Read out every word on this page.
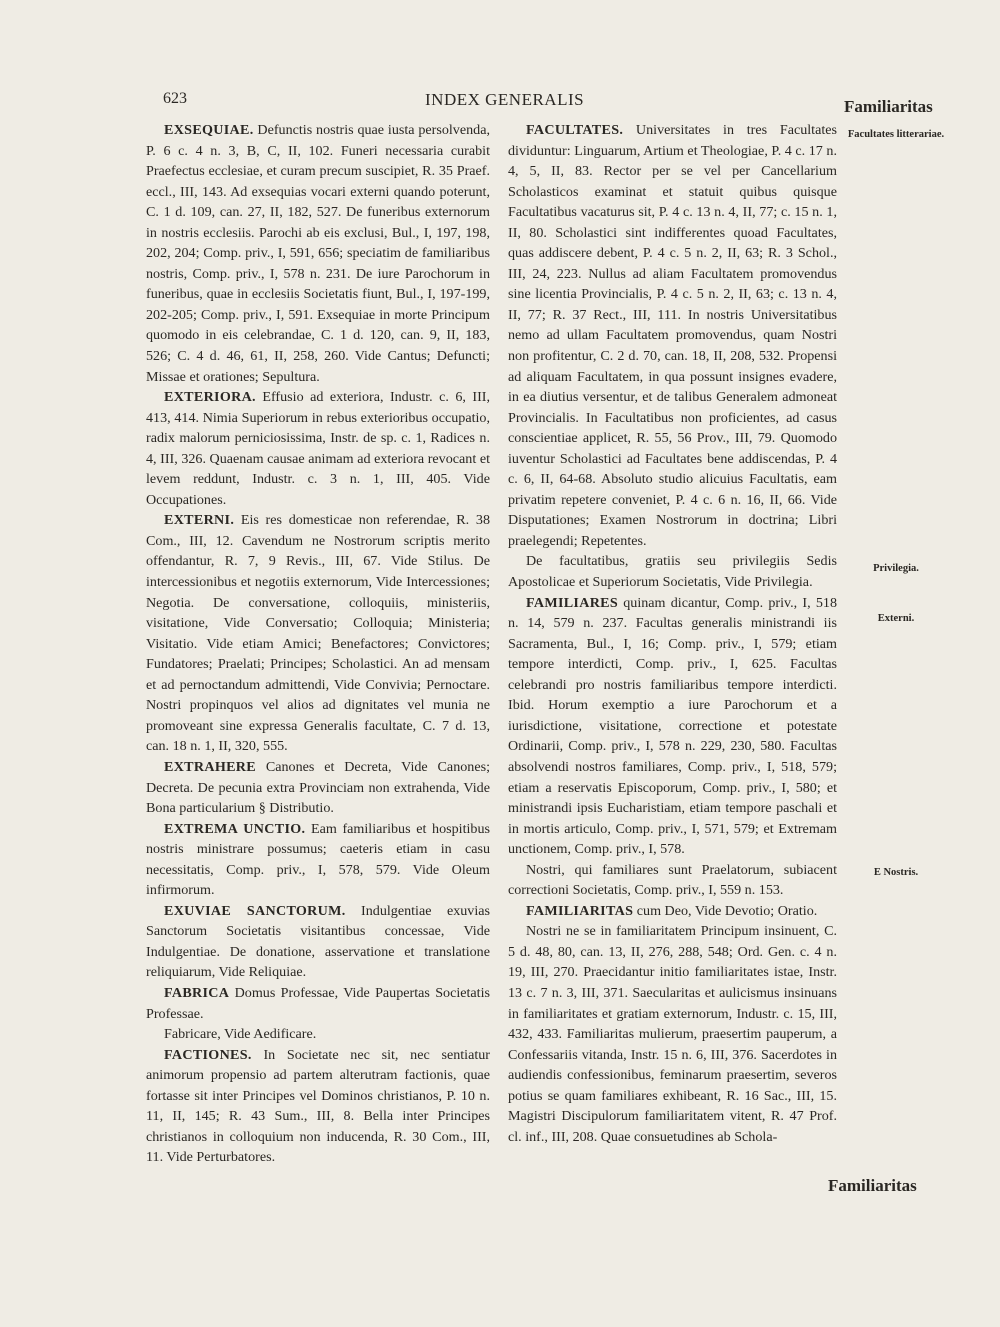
623	INDEX GENERALIS	Familiaritas

EXSEQUIAE. Defunctis nostris quae iusta persolvenda, P. 6 c. 4 n. 3, B, C, II, 102. Funeri necessaria curabit Praefectus ecclesiae, et curam precum suscipiet, R. 35 Praef. eccl., III, 143. Ad exsequias vocari externi quando poterunt, C. 1 d. 109, can. 27, II, 182, 527. De funeribus externorum in nostris ecclesiis. Parochi ab eis exclusi, Bul., I, 197, 198, 202, 204; Comp. priv., I, 591, 656; speciatim de familiaribus nostris, Comp. priv., I, 578 n. 231. De iure Parochorum in funeribus, quae in ecclesiis Societatis fiunt, Bul., I, 197-199, 202-205; Comp. priv., I, 591. Exsequiae in morte Principum quomodo in eis celebrandae, C. 1 d. 120, can. 9, II, 183, 526; C. 4 d. 46, 61, II, 258, 260. Vide Cantus; Defuncti; Missae et orationes; Sepultura.

EXTERIORA. Effusio ad exteriora, Industr. c. 6, III, 413, 414. Nimia Superiorum in rebus exterioribus occupatio, radix malorum perniciosissima, Instr. de sp. c. 1, Radices n. 4, III, 326. Quaenam causae animam ad exteriora revocant et levem reddunt, Industr. c. 3 n. 1, III, 405. Vide Occupationes.

EXTERNI. Eis res domesticae non referendae, R. 38 Com., III, 12. Cavendum ne Nostrorum scriptis merito offendantur, R. 7, 9 Revis., III, 67. Vide Stilus. De intercessionibus et negotiis externorum, Vide Intercessiones; Negotia. De conversatione, colloquiis, ministeriis, visitatione, Vide Conversatio; Colloquia; Ministeria; Visitatio. Vide etiam Amici; Benefactores; Convictores; Fundatores; Praelati; Principes; Scholastici. An ad mensam et ad pernoctandum admittendi, Vide Convivia; Pernoctare. Nostri propinquos vel alios ad dignitates vel munia ne promoveant sine expressa Generalis facultate, C. 7 d. 13, can. 18 n. 1, II, 320, 555.

EXTRAHERE Canones et Decreta, Vide Canones; Decreta. De pecunia extra Provinciam non extrahenda, Vide Bona particularium § Distributio.

EXTREMA UNCTIO. Eam familiaribus et hospitibus nostris ministrare possumus; caeteris etiam in casu necessitatis, Comp. priv., I, 578, 579. Vide Oleum infirmorum.

EXUVIAE SANCTORUM. Indulgentiae exuvias Sanctorum Societatis visitantibus concessae, Vide Indulgentiae. De donatione, asservatione et translatione reliquiarum, Vide Reliquiae.

FABRICA Domus Professae, Vide Paupertas Societatis Professae.

Fabricare, Vide Aedificare.

FACTIONES. In Societate nec sit, nec sentiatur animorum propensio ad partem alterutram factionis, quae fortasse sit inter Principes vel Dominos christianos, P. 10 n. 11, II, 145; R. 43 Sum., III, 8. Bella inter Principes christianos in colloquium non inducenda, R. 30 Com., III, 11. Vide Perturbatores.

FACULTATES. Universitates in tres Facultates dividuntur: Linguarum, Artium et Theologiae, P. 4 c. 17 n. 4, 5, II, 83. Rector per se vel per Cancellarium Scholasticos examinat et statuit quibus quisque Facultatibus vacaturus sit, P. 4 c. 13 n. 4, II, 77; c. 15 n. 1, II, 80. Scholastici sint indifferentes quoad Facultates, quas addiscere debent, P. 4 c. 5 n. 2, II, 63; R. 3 Schol., III, 24, 223. Nullus ad aliam Facultatem promovendus sine licentia Provincialis, P. 4 c. 5 n. 2, II, 63; c. 13 n. 4, II, 77; R. 37 Rect., III, 111. In nostris Universitatibus nemo ad ullam Facultatem promovendus, quam Nostri non profitentur, C. 2 d. 70, can. 18, II, 208, 532. Propensi ad aliquam Facultatem, in qua possunt insignes evadere, in ea diutius versentur, et de talibus Generalem admoneat Provincialis. In Facultatibus non proficientes, ad casus conscientiae applicet, R. 55, 56 Prov., III, 79. Quomodo iuventur Scholastici ad Facultates bene addiscendas, P. 4 c. 6, II, 64-68. Absoluto studio alicuius Facultatis, eam privatim repetere conveniet, P. 4 c. 6 n. 16, II, 66. Vide Disputationes; Examen Nostrorum in doctrina; Libri praelegendi; Repetentes.

De facultatibus, gratiis seu privilegiis Sedis Apostolicae et Superiorum Societatis, Vide Privilegia.

FAMILIARES quinam dicantur, Comp. priv., I, 518 n. 14, 579 n. 237. Facultas generalis ministrandi iis Sacramenta, Bul., I, 16; Comp. priv., I, 579; etiam tempore interdicti, Comp. priv., I, 625. Facultas celebrandi pro nostris familiaribus tempore interdicti. Ibid. Horum exemptio a iure Parochorum et a iurisdictione, visitatione, correctione et potestate Ordinarii, Comp. priv., I, 578 n. 229, 230, 580. Facultas absolvendi nostros familiares, Comp. priv., I, 518, 579; etiam a reservatis Episcoporum, Comp. priv., I, 580; et ministrandi ipsis Eucharistiam, etiam tempore paschali et in mortis articulo, Comp. priv., I, 571, 579; et Extremam unctionem, Comp. priv., I, 578.

Nostri, qui familiares sunt Praelatorum, subiacent correctioni Societatis, Comp. priv., I, 559 n. 153.

FAMILIARITAS cum Deo, Vide Devotio; Oratio.

Nostri ne se in familiaritatem Principum insinuent, C. 5 d. 48, 80, can. 13, II, 276, 288, 548; Ord. Gen. c. 4 n. 19, III, 270. Praecidantur initio familiaritates istae, Instr. 13 c. 7 n. 3, III, 371. Saecularitas et aulicismus insinuans in familiaritates et gratiam externorum, Industr. c. 15, III, 432, 433. Familiaritas mulierum, praesertim pauperum, a Confessariis vitanda, Instr. 15 n. 6, III, 376. Sacerdotes in audiendis confessionibus, feminarum praesertim, severos potius se quam familiares exhibeant, R. 16 Sac., III, 15. Magistri Discipulorum familiaritatem vitent, R. 47 Prof. cl. inf., III, 208. Quae consuetudines ab Schola-

Facultates litterariae.
Privilegia.
Externi.
E Nostris.
Familiaritas
